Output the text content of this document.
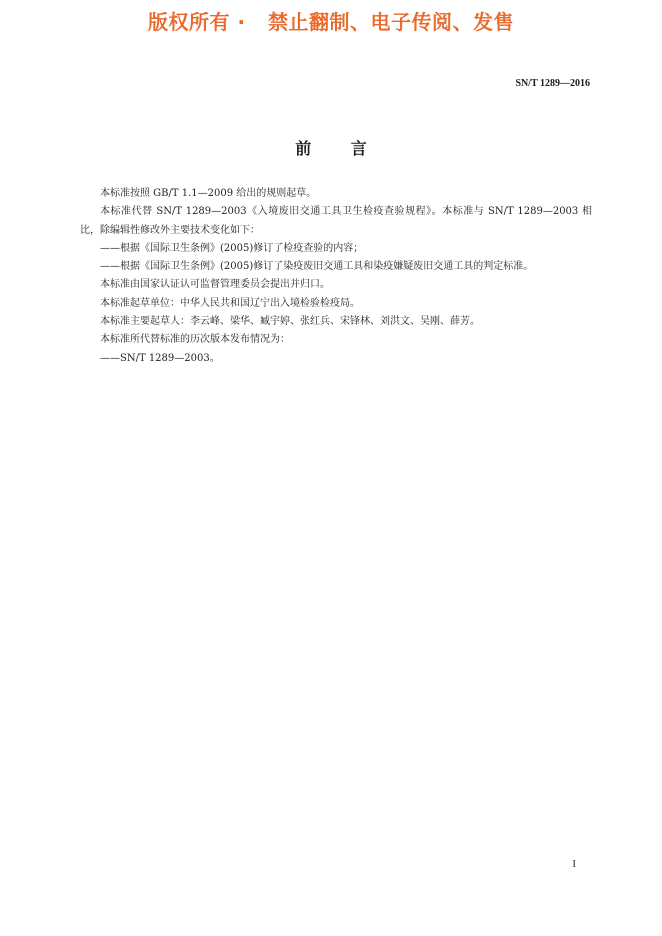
版权所有 ·   禁止翻制、电子传阅、发售
SN/T 1289—2016
前 言

本标准按照 GB/T 1.1—2009 给出的规则起草。

本标准代替 SN/T 1289—2003《入境废旧交通工具卫生检疫查验规程》。本标准与 SN/T 1289—2003 相比，除编辑性修改外主要技术变化如下：

——根据《国际卫生条例》(2005)修订了检疫查验的内容；

——根据《国际卫生条例》(2005)修订了染疫废旧交通工具和染疫嫌疑废旧交通工具的判定标准。

本标准由国家认证认可监督管理委员会提出并归口。

本标准起草单位：中华人民共和国辽宁出入境检验检疫局。

本标准主要起草人：李云峰、梁华、臧宇婷、张红兵、宋锋林、刘洪文、吴刚、薛芳。

本标准所代替标准的历次版本发布情况为：

——SN/T 1289—2003。

I
